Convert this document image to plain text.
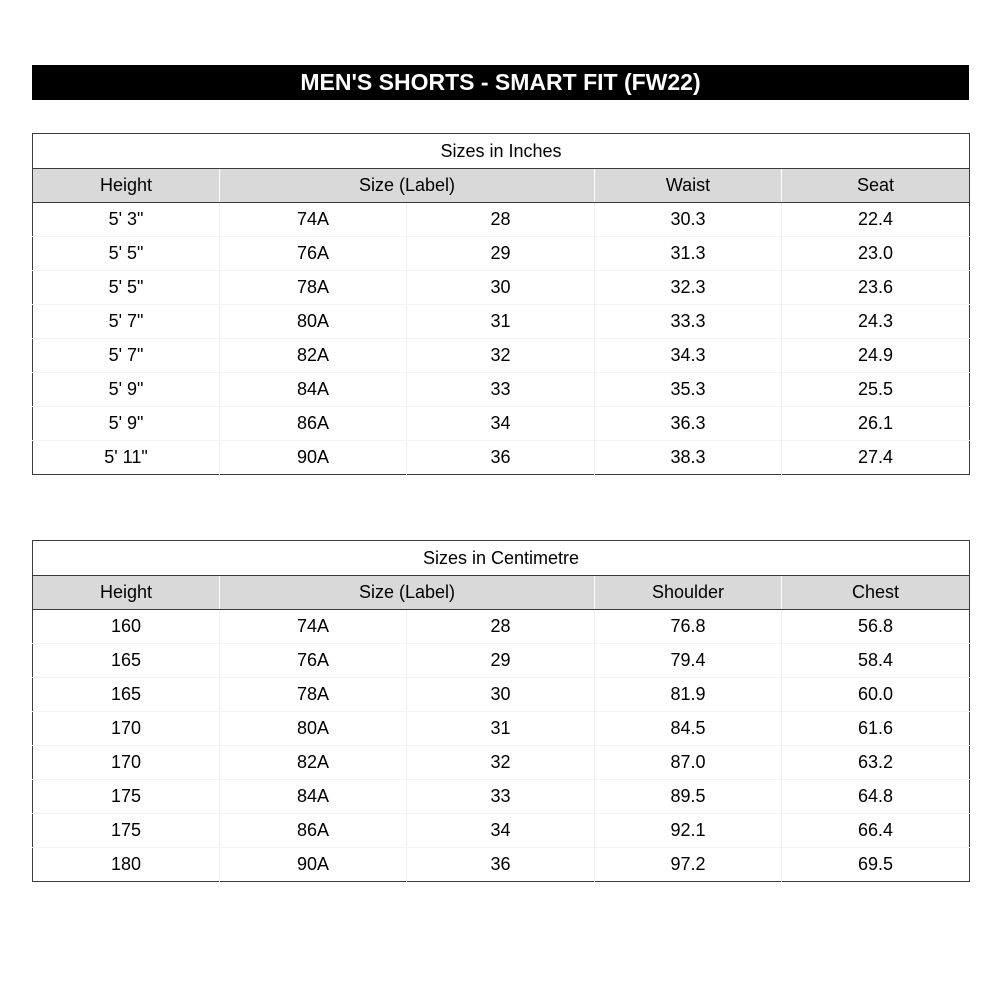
MEN'S SHORTS - SMART FIT (FW22)
Sizes in Inches				
Height	Size (Label)		Waist	Seat
5' 3"	74A	28	30.3	22.4
5' 5"	76A	29	31.3	23.0
5' 5"	78A	30	32.3	23.6
5' 7"	80A	31	33.3	24.3
5' 7"	82A	32	34.3	24.9
5' 9"	84A	33	35.3	25.5
5' 9"	86A	34	36.3	26.1
5' 11"	90A	36	38.3	27.4
Sizes in Centimetre				
Height	Size (Label)		Shoulder	Chest
160	74A	28	76.8	56.8
165	76A	29	79.4	58.4
165	78A	30	81.9	60.0
170	80A	31	84.5	61.6
170	82A	32	87.0	63.2
175	84A	33	89.5	64.8
175	86A	34	92.1	66.4
180	90A	36	97.2	69.5
